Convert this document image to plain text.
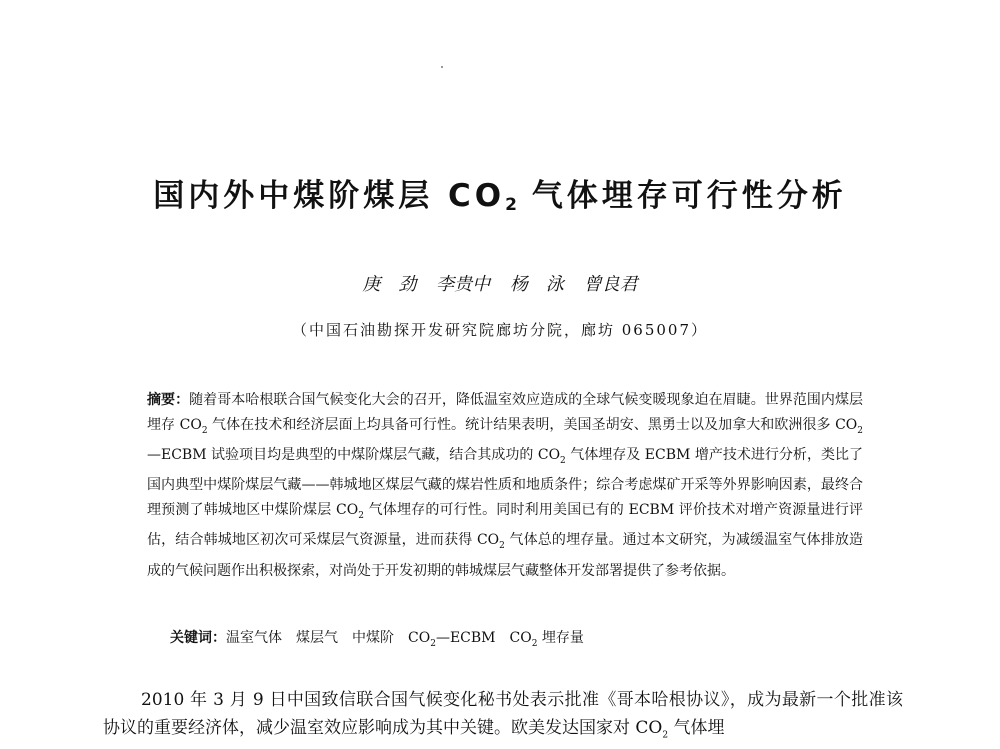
国内外中煤阶煤层 $CO_2$ 气体埋存可行性分析
庚　劲 李贵中 杨　泳 曾良君
（中国石油勘探开发研究院廊坊分院，廊坊 065007）

摘要：随着哥本哈根联合国气候变化大会的召开，降低温室效应造成的全球气候变暖现象迫在眉睫。世界范围内煤层埋存 $CO_2$ 气体在技术和经济层面上均具备可行性。统计结果表明，美国圣胡安、黑勇士以及加拿大和欧洲很多 $CO_2—ECBM$ 试验项目均是典型的中煤阶煤层气藏，结合其成功的 $CO_2$ 气体埋存及 ECBM 增产技术进行分析，类比了国内典型中煤阶煤层气藏——韩城地区煤层气藏的煤岩性质和地质条件；综合考虑煤矿开采等外界影响因素，最终合理预测了韩城地区中煤阶煤层 $CO_2$ 气体埋存的可行性。同时利用美国已有的 ECBM 评价技术对增产资源量进行评估，结合韩城地区初次可采煤层气资源量，进而获得 $CO_2$ 气体总的埋存量。通过本文研究，为减缓温室气体排放造成的气候问题作出积极探索，对尚处于开发初期的韩城煤层气藏整体开发部署提供了参考依据。

关键词：温室气体 煤层气 中煤阶 $CO_2—ECBM$ $CO_2$ 埋存量

2010 年 3 月 9 日中国致信联合国气候变化秘书处表示批准《哥本哈根协议》，成为最新一个批准该协议的重要经济体，减少温室效应影响成为其中关键。欧美发达国家对 $CO_2$ 气体埋
